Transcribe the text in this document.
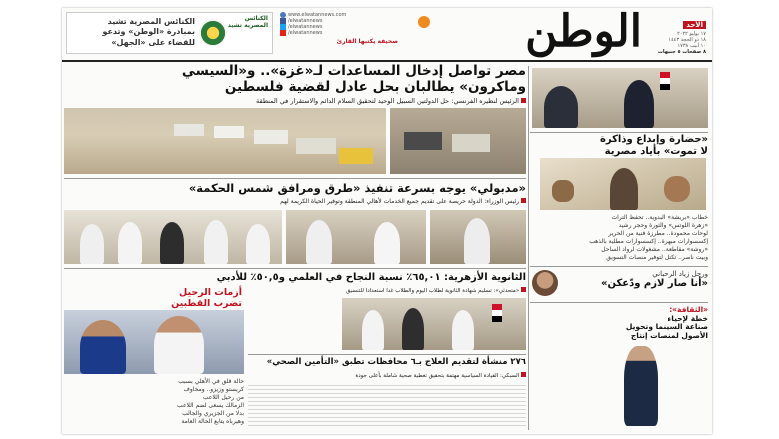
الأحد
١٧ يوليو ٢٠٢٢
١٨ ذو الحجة ١٤٤٣
١٠ أبيب ١٧٣٨
٨ صفحات ٥ جنيهات
الوطن
www.elwatannews.com
/elwatannews
/elwatannews
/elwatannews
صحيفة يكتبها القارئ
الكنائس المصرية تشيد
الكنائس المصرية تشيد
بمبادرة «الوطن» وتدعو
للقضاء على «الجهل»
«حضارة وإبداع وذاكرة
لا تموت» بأياد مصرية
خطاب «بريشة» البدوية.. تحفظ التراث
«زهرة اللوتس» والثورة وحجر رشيد
لوحات محمودة.. مطرزة فنية من الحرير
إكسسوارات مبهرة.. إكسسوارات مطلية بالذهب
«روشة» مقاطعة.. مشغولات لرواد الساحل
وبيت ناصر.. تكتل لتوفير منصات التسويق
ورحل زياد الرحباني
«أنا صار لازم ودّعكن»
«الثقافة»:
خطة لإحياء
صناعة السينما وتحويل
الأصول لمنصات إنتاج
مصر تواصل إدخال المساعدات لـ«غزة».. و«السيسي
وماكرون» يطالبان بحل عادل لقضية فلسطين
الرئيس لنظيره الفرنسي: حل الدولتين السبيل الوحيد لتحقيق السلام الدائم والاستقرار في المنطقة
«مدبولي» يوجه بسرعة تنفيذ «طرق ومرافق شمس الحكمة»
رئيس الوزراء: الدولة حريصة على تقديم جميع الخدمات لأهالي المنطقة وتوفير الحياة الكريمة لهم
الثانوية الأزهرية: ٦٥,٠١٪ نسبة النجاح في العلمي و٥٠,٥٪ للأدبي
«متحدثي»: تسليم شهادة الثانوية لطلاب اليوم والطلاب غدا استعدادا للتنسيق
أزمات الرحيل
تضرب القطبين
حالة قلق في الأهلي بسبب
كريستو وزيزو.. ومخاوف
من رحيل اللاعب
الزمالك يسعى لضم اللاعب
بدلا من الجزيري والجالب
وهيرباه يتابع الحالة العامة
٢٧٦ منشأة لتقديم العلاج بـ٦ محافظات تطبق «التأمين الصحي»
السبكي: القيادة السياسية مهتمة بتحقيق تغطية صحية شاملة بأعلى جودة
